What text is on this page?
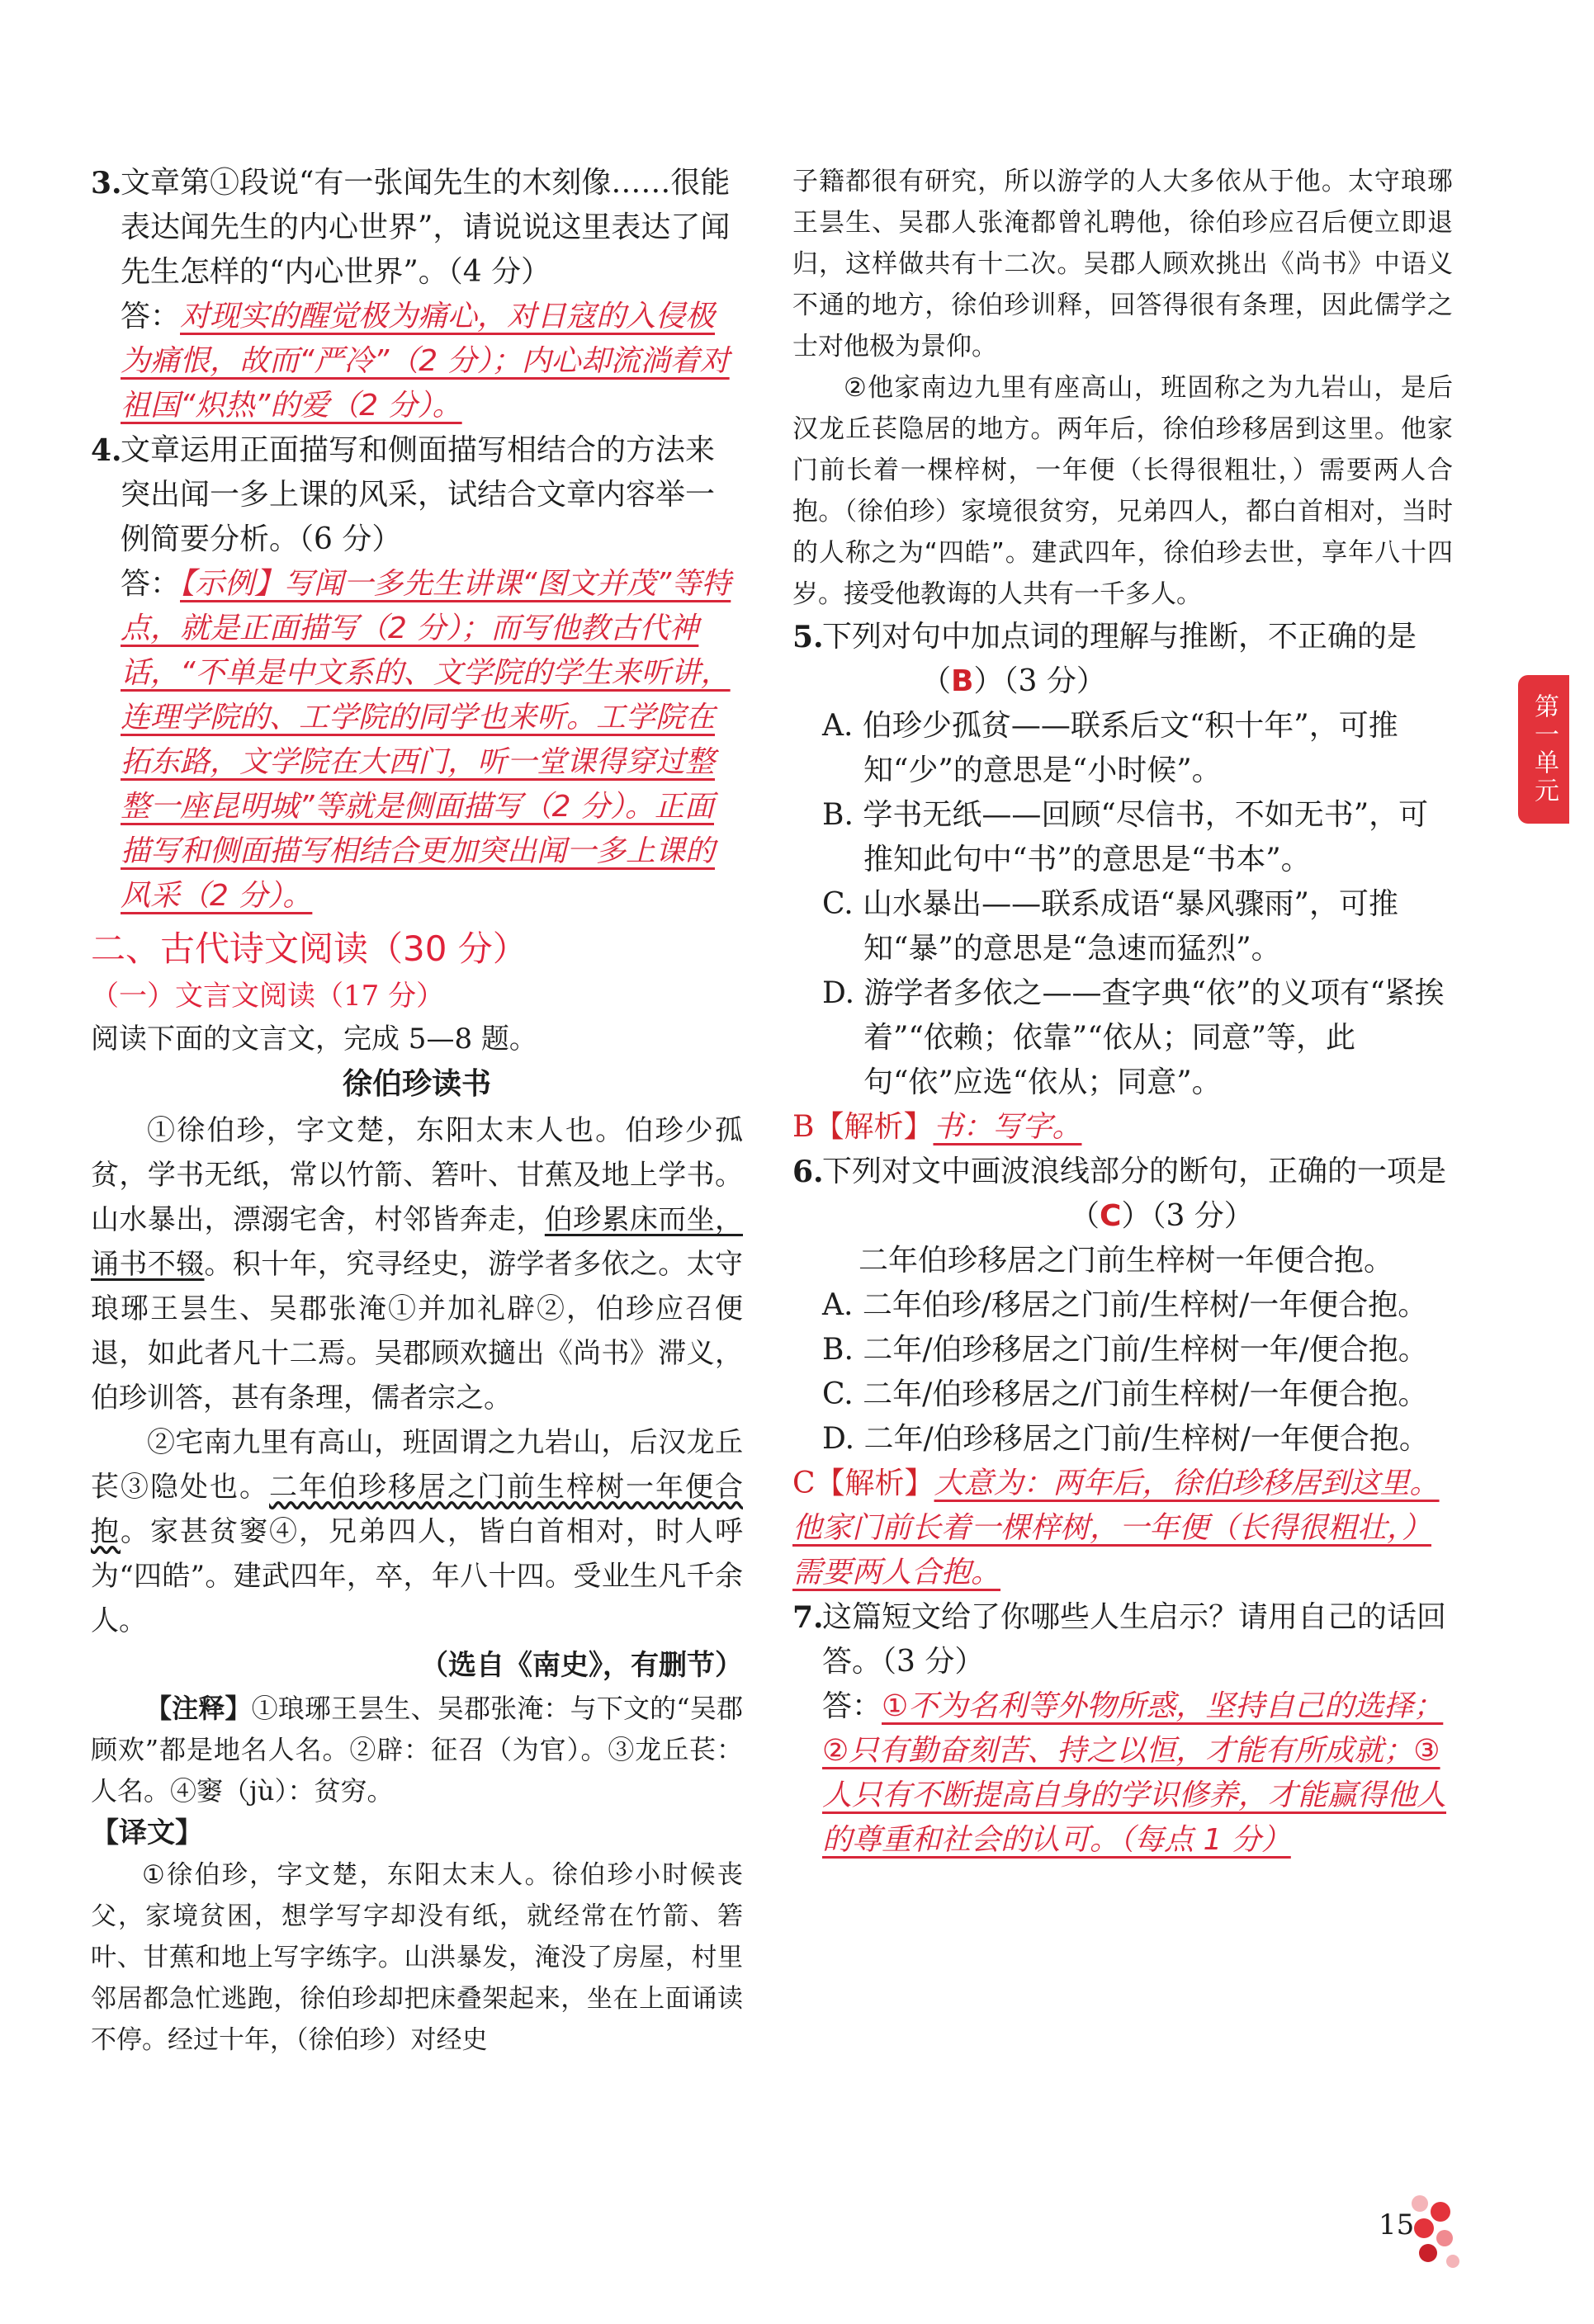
3.
文章第①段说“有一张闻先生的木刻像……很能表达闻先生的内心世界”，请说说这里表达了闻先生怎样的“内心世界”。（4 分）

答：对现实的醒觉极为痛心，对日寇的入侵极为痛恨，故而“严冷”（2 分）；内心却流淌着对祖国“炽热”的爱（2 分）。

4.
文章运用正面描写和侧面描写相结合的方法来突出闻一多上课的风采，试结合文章内容举一例简要分析。（6 分）

答：【示例】写闻一多先生讲课“图文并茂”等特点，就是正面描写（2 分）；而写他教古代神话，“不单是中文系的、文学院的学生来听讲，连理学院的、工学院的同学也来听。工学院在拓东路，文学院在大西门，听一堂课得穿过整整一座昆明城”等就是侧面描写（2 分）。正面描写和侧面描写相结合更加突出闻一多上课的风采（2 分）。

二、古代诗文阅读（30 分）

（一）文言文阅读（17 分）

阅读下面的文言文，完成 5—8 题。

徐伯珍读书

①徐伯珍，字文楚，东阳太末人也。伯珍少孤贫，学书无纸，常以竹箭、箬叶、甘蕉及地上学书。山水暴出，漂溺宅舍，村邻皆奔走，伯珍累床而坐，诵书不辍。积十年，究寻经史，游学者多依之。太守琅琊王昙生、吴郡张淹①并加礼辟②，伯珍应召便退，如此者凡十二焉。吴郡顾欢擿出《尚书》滞义，伯珍训答，甚有条理，儒者宗之。

②宅南九里有高山，班固谓之九岩山，后汉龙丘苌③隐处也。二年伯珍移居之门前生梓树一年便合抱。家甚贫窭④，兄弟四人，皆白首相对，时人呼为“四皓”。建武四年，卒，年八十四。受业生凡千余人。

（选自《南史》，有删节）

【注释】①琅琊王昙生、吴郡张淹：与下文的“吴郡顾欢”都是地名人名。②辟：征召（为官）。③龙丘苌：人名。④窭（jù）：贫穷。

【译文】

①徐伯珍，字文楚，东阳太末人。徐伯珍小时候丧父，家境贫困，想学写字却没有纸，就经常在竹箭、箬叶、甘蕉和地上写字练字。山洪暴发，淹没了房屋，村里邻居都急忙逃跑，徐伯珍却把床叠架起来，坐在上面诵读不停。经过十年，（徐伯珍）对经史

子籍都很有研究，所以游学的人大多依从于他。太守琅琊王昙生、吴郡人张淹都曾礼聘他，徐伯珍应召后便立即退归，这样做共有十二次。吴郡人顾欢挑出《尚书》中语义不通的地方，徐伯珍训释，回答得很有条理，因此儒学之士对他极为景仰。

②他家南边九里有座高山，班固称之为九岩山，是后汉龙丘苌隐居的地方。两年后，徐伯珍移居到这里。他家门前长着一棵梓树，一年便（长得很粗壮，）需要两人合抱。（徐伯珍）家境很贫穷，兄弟四人，都白首相对，当时的人称之为“四皓”。建武四年，徐伯珍去世，享年八十四岁。接受他教诲的人共有一千多人。

5.
下列对句中加点词的理解与推断，不正确的是 （B）（3 分）

A. 伯珍少孤贫——联系后文“积十年”，可推知“少”的意思是“小时候”。

B. 学书无纸——回顾“尽信书，不如无书”，可推知此句中“书”的意思是“书本”。

C. 山水暴出——联系成语“暴风骤雨”，可推知“暴”的意思是“急速而猛烈”。

D. 游学者多依之——查字典“依”的义项有“紧挨着”“依赖；依靠”“依从；同意”等，此句“依”应选“依从；同意”。

B【解析】书：写字。

6.
下列对文中画波浪线部分的断句，正确的一项是 （C）（3 分）

二年伯珍移居之门前生梓树一年便合抱。

A. 二年伯珍/移居之门前/生梓树/一年便合抱。

B. 二年/伯珍移居之门前/生梓树一年/便合抱。

C. 二年/伯珍移居之/门前生梓树/一年便合抱。

D. 二年/伯珍移居之门前/生梓树/一年便合抱。

C【解析】大意为：两年后，徐伯珍移居到这里。他家门前长着一棵梓树，一年便（长得很粗壮，）需要两人合抱。

7.
这篇短文给了你哪些人生启示？请用自己的话回答。（3 分）

答：①不为名利等外物所惑，坚持自己的选择；②只有勤奋刻苦、持之以恒，才能有所成就；③人只有不断提高自身的学识修养，才能赢得他人的尊重和社会的认可。（每点 1 分）

第一单元
15
